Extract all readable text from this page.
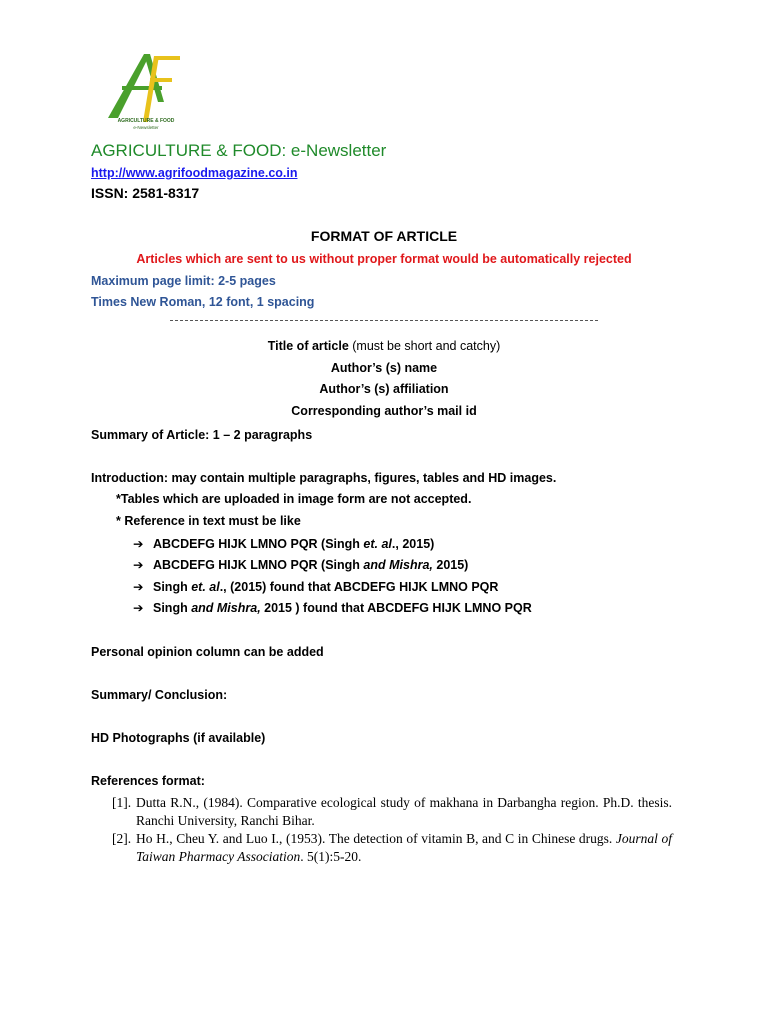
AGRICULTURE & FOOD
e-Newsletter
AGRICULTURE & FOOD: e-Newsletter
http://www.agrifoodmagazine.co.in
ISSN: 2581-8317
FORMAT OF ARTICLE
Articles which are sent to us without proper format would be automatically rejected
Maximum page limit: 2-5 pages
Times New Roman, 12 font, 1 spacing
Title of article (must be short and catchy)
Author’s (s) name
Author’s (s) affiliation
Corresponding author’s mail id
Summary of Article: 1 – 2 paragraphs
Introduction: may contain multiple paragraphs, figures, tables and HD images.
*Tables which are uploaded in image form are not accepted.
* Reference in text must be like
➔ ABCDEFG HIJK LMNO PQR (Singh et. al., 2015)
➔ ABCDEFG HIJK LMNO PQR (Singh and Mishra, 2015)
➔ Singh et. al., (2015) found that ABCDEFG HIJK LMNO PQR
➔ Singh and Mishra, 2015 ) found that ABCDEFG HIJK LMNO PQR
Personal opinion column can be added
Summary/ Conclusion:
HD Photographs (if available)
References format:
[1]. Dutta R.N., (1984). Comparative ecological study of makhana in Darbangha region. Ph.D. thesis. Ranchi University, Ranchi Bihar.
[2]. Ho H., Cheu Y. and Luo I., (1953). The detection of vitamin B, and C in Chinese drugs. Journal of Taiwan Pharmacy Association. 5(1):5-20.
